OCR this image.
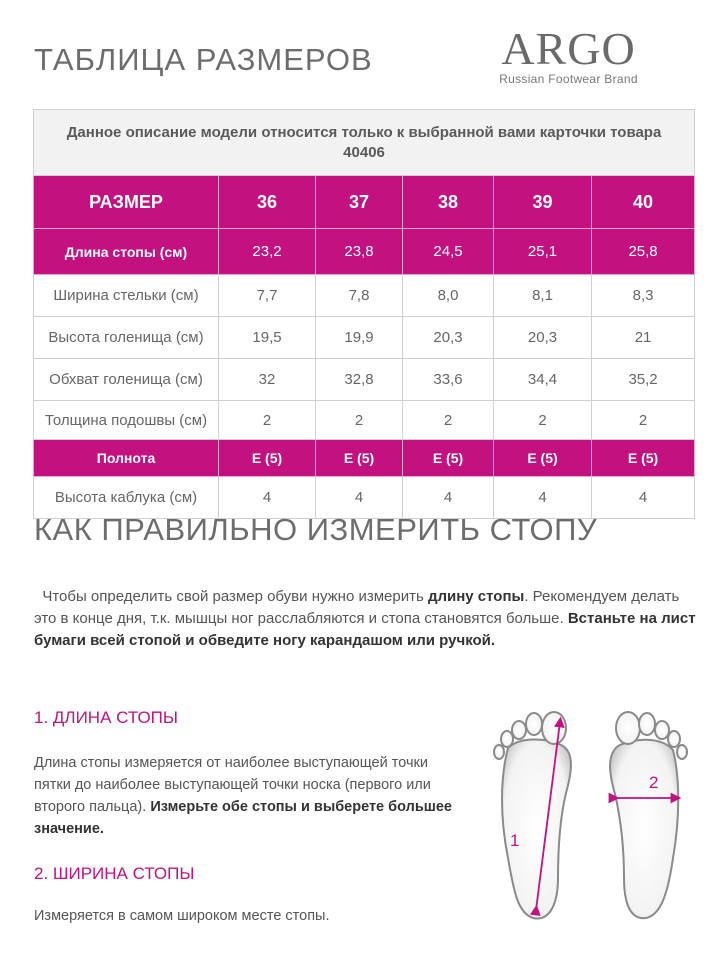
ТАБЛИЦА РАЗМЕРОВ	ARGO
Russian Footwear Brand
Данное описание модели относится только к выбранной вами карточки товара 40406					
РАЗМЕР	36	37	38	39	40
Длина стопы (см)	23,2	23,8	24,5	25,1	25,8
Ширина стельки (см)	7,7	7,8	8,0	8,1	8,3
Высота голенища (см)	19,5	19,9	20,3	20,3	21
Обхват голенища (см)	32	32,8	33,6	34,4	35,2
Толщина подошвы (см)	2	2	2	2	2
Полнота	E (5)	E (5)	E (5)	E (5)	E (5)
Высота каблука (см)	4	4	4	4	4
КАК ПРАВИЛЬНО ИЗМЕРИТЬ СТОПУ

Чтобы определить свой размер обуви нужно измерить длину стопы. Рекомендуем делать это в конце дня, т.к. мышцы ног расслабляются и стопа становятся больше. Встаньте на лист бумаги всей стопой и обведите ногу карандашом или ручкой.

1. ДЛИНА СТОПЫ

Длина стопы измеряется от наиболее выступающей точки пятки до наиболее выступающей точки носка (первого или второго пальца). Измерьте обе стопы и выберете большее значение.

2. ШИРИНА СТОПЫ
Измеряется в самом широком месте стопы.
1
2
